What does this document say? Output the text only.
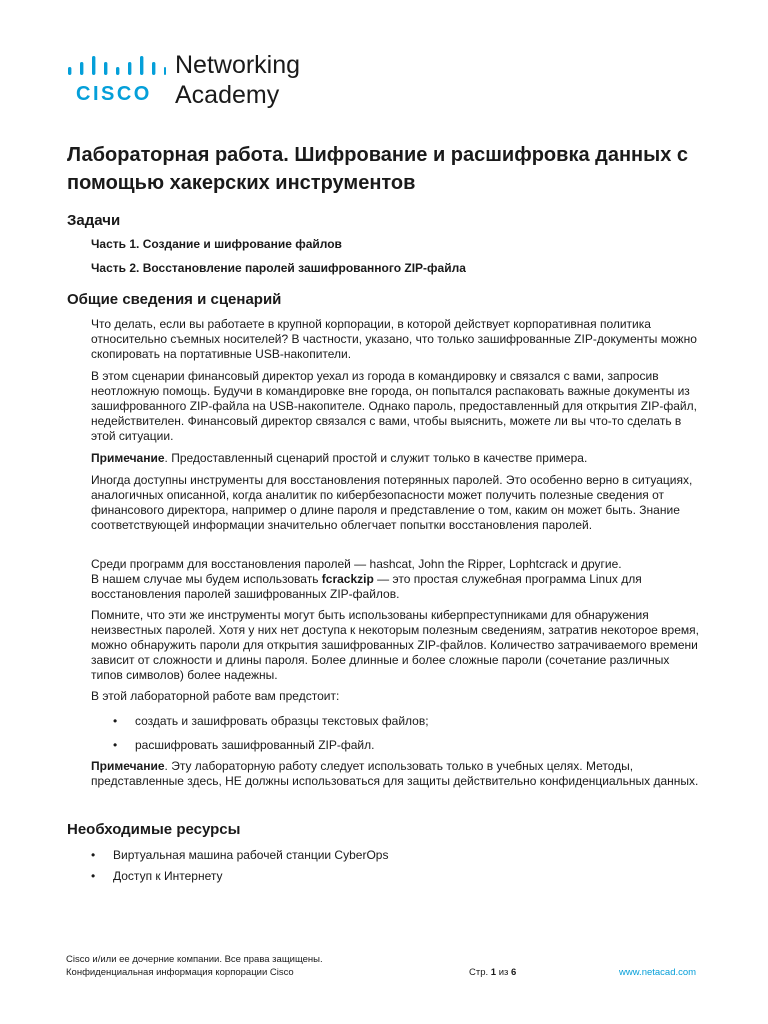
CISCO
Networking
Academy
Лабораторная работа. Шифрование и расшифровка данных с помощью хакерских инструментов
Задачи
Часть 1. Создание и шифрование файлов
Часть 2. Восстановление паролей зашифрованного ZIP-файла
Общие сведения и сценарий
Что делать, если вы работаете в крупной корпорации, в которой действует корпоративная политика относительно съемных носителей? В частности, указано, что только зашифрованные ZIP-документы можно скопировать на портативные USB-накопители.
В этом сценарии финансовый директор уехал из города в командировку и связался с вами, запросив неотложную помощь. Будучи в командировке вне города, он попытался распаковать важные документы из зашифрованного ZIP-файла на USB-накопителе. Однако пароль, предоставленный для открытия ZIP-файл, недействителен. Финансовый директор связался с вами, чтобы выяснить, можете ли вы что-то сделать в этой ситуации.
Примечание. Предоставленный сценарий простой и служит только в качестве примера.
Иногда доступны инструменты для восстановления потерянных паролей. Это особенно верно в ситуациях, аналогичных описанной, когда аналитик по кибербезопасности может получить полезные сведения от финансового директора, например о длине пароля и представление о том, каким он может быть. Знание соответствующей информации значительно облегчает попытки восстановления паролей.
Среди программ для восстановления паролей — hashcat, John the Ripper, Lophtcrack и другие.
В нашем случае мы будем использовать fcrackzip — это простая служебная программа Linux для восстановления паролей зашифрованных ZIP-файлов.
Помните, что эти же инструменты могут быть использованы киберпреступниками для обнаружения неизвестных паролей. Хотя у них нет доступа к некоторым полезным сведениям, затратив некоторое время, можно обнаружить пароли для открытия зашифрованных ZIP-файлов. Количество затрачиваемого времени зависит от сложности и длины пароля. Более длинные и более сложные пароли (сочетание различных типов символов) более надежны.
В этой лабораторной работе вам предстоит:
• создать и зашифровать образцы текстовых файлов;
• расшифровать зашифрованный ZIP-файл.
Примечание. Эту лабораторную работу следует использовать только в учебных целях. Методы, представленные здесь, НЕ должны использоваться для защиты действительно конфиденциальных данных.
Необходимые ресурсы
• Виртуальная машина рабочей станции CyberOps
• Доступ к Интернету
Cisco и/или ее дочерние компании. Все права защищены.
Конфиденциальная информация корпорации Cisco	Стр. 1 из 6	www.netacad.com
